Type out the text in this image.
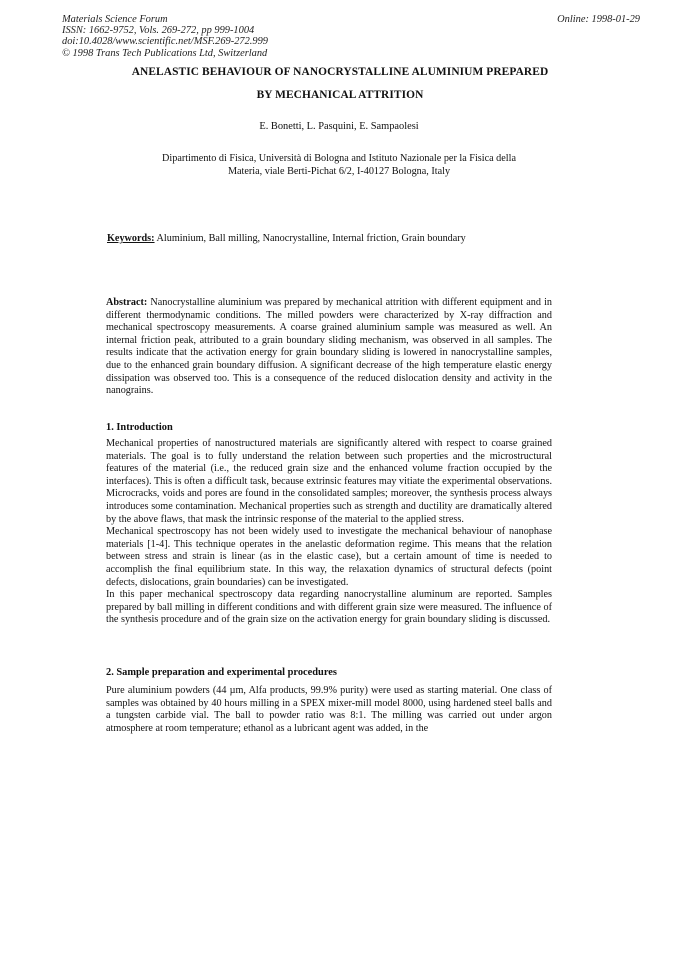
Materials Science Forum
ISSN: 1662-9752, Vols. 269-272, pp 999-1004
doi:10.4028/www.scientific.net/MSF.269-272.999
© 1998 Trans Tech Publications Ltd, Switzerland
Online: 1998-01-29
ANELASTIC BEHAVIOUR OF NANOCRYSTALLINE ALUMINIUM PREPARED
BY MECHANICAL ATTRITION
E. Bonetti, L. Pasquini, E. Sampaolesi
Dipartimento di Fisica, Università di Bologna and Istituto Nazionale per la Fisica della
Materia, viale Berti-Pichat 6/2, I-40127 Bologna, Italy
Keywords: Aluminium, Ball milling, Nanocrystalline, Internal friction, Grain boundary
Abstract: Nanocrystalline aluminium was prepared by mechanical attrition with different equipment and in different thermodynamic conditions. The milled powders were characterized by X-ray diffraction and mechanical spectroscopy measurements. A coarse grained aluminium sample was measured as well. An internal friction peak, attributed to a grain boundary sliding mechanism, was observed in all samples. The results indicate that the activation energy for grain boundary sliding is lowered in nanocrystalline samples, due to the enhanced grain boundary diffusion. A significant decrease of the high temperature elastic energy dissipation was observed too. This is a consequence of the reduced dislocation density and activity in the nanograins.
1. Introduction
Mechanical properties of nanostructured materials are significantly altered with respect to coarse grained materials. The goal is to fully understand the relation between such properties and the microstructural features of the material (i.e., the reduced grain size and the enhanced volume fraction occupied by the interfaces). This is often a difficult task, because extrinsic features may vitiate the experimental observations. Microcracks, voids and pores are found in the consolidated samples; moreover, the synthesis process always introduces some contamination. Mechanical properties such as strength and ductility are dramatically altered by the above flaws, that mask the intrinsic response of the material to the applied stress.
Mechanical spectroscopy has not been widely used to investigate the mechanical behaviour of nanophase materials [1-4]. This technique operates in the anelastic deformation regime. This means that the relation between stress and strain is linear (as in the elastic case), but a certain amount of time is needed to accomplish the final equilibrium state. In this way, the relaxation dynamics of structural defects (point defects, dislocations, grain boundaries) can be investigated.
In this paper mechanical spectroscopy data regarding nanocrystalline aluminum are reported. Samples prepared by ball milling in different conditions and with different grain size were measured. The influence of the synthesis procedure and of the grain size on the activation energy for grain boundary sliding is discussed.
2. Sample preparation and experimental procedures
Pure aluminium powders (44 µm, Alfa products, 99.9% purity) were used as starting material. One class of samples was obtained by 40 hours milling in a SPEX mixer-mill model 8000, using hardened steel balls and a tungsten carbide vial. The ball to powder ratio was 8:1. The milling was carried out under argon atmosphere at room temperature; ethanol as a lubricant agent was added, in the
